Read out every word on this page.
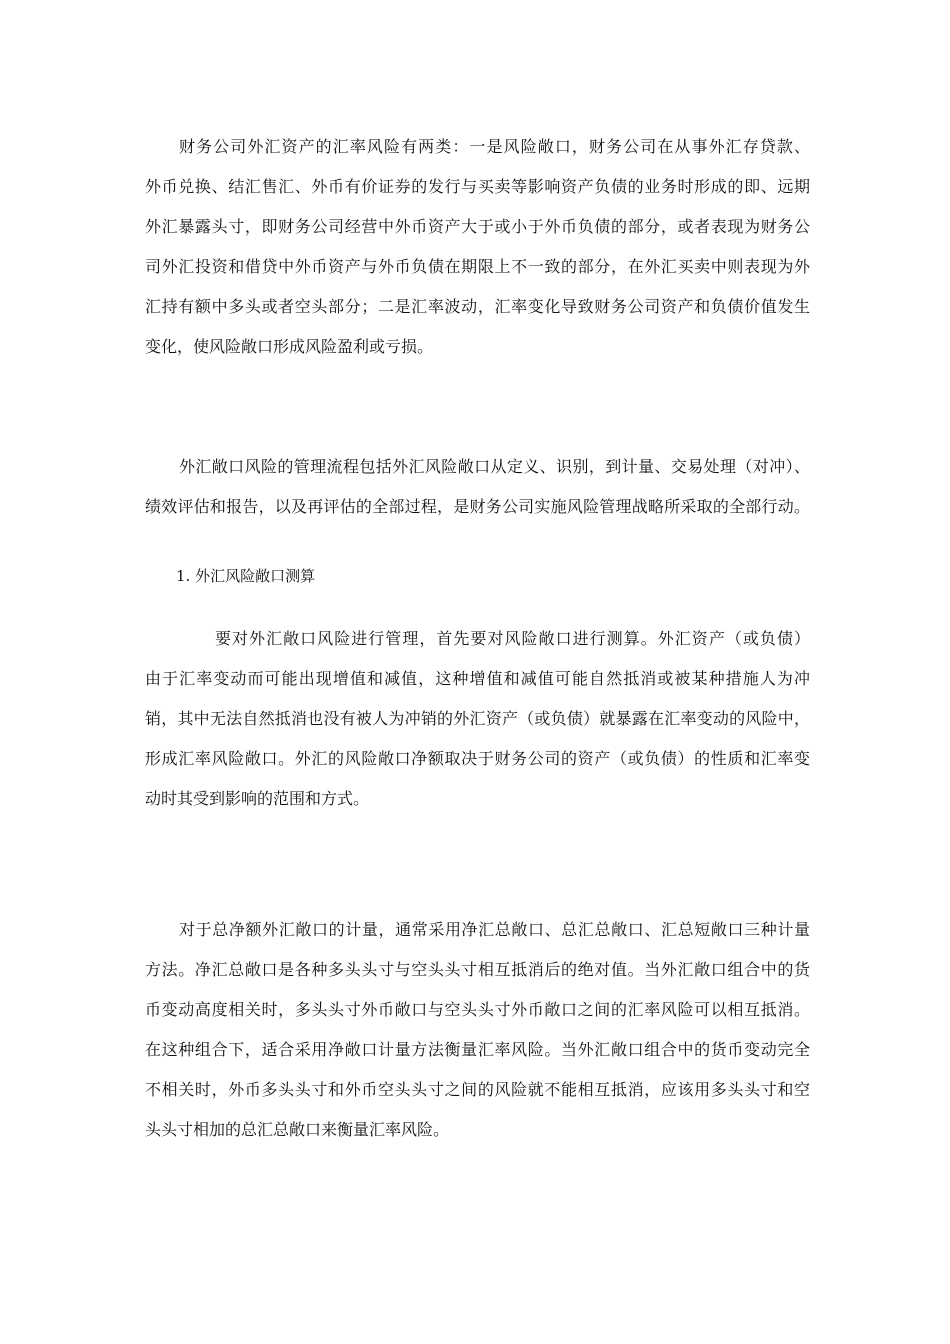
财务公司外汇资产的汇率风险有两类：一是风险敞口，财务公司在从事外汇存贷款、
外币兑换、结汇售汇、外币有价证券的发行与买卖等影响资产负债的业务时形成的即、远期
外汇暴露头寸，即财务公司经营中外币资产大于或小于外币负债的部分，或者表现为财务公
司外汇投资和借贷中外币资产与外币负债在期限上不一致的部分，在外汇买卖中则表现为外
汇持有额中多头或者空头部分；二是汇率波动，汇率变化导致财务公司资产和负债价值发生
变化，使风险敞口形成风险盈利或亏损。
外汇敞口风险的管理流程包括外汇风险敞口从定义、识别，到计量、交易处理（对冲）、
绩效评估和报告，以及再评估的全部过程，是财务公司实施风险管理战略所采取的全部行动。
1. 外汇风险敞口测算
要对外汇敞口风险进行管理，首先要对风险敞口进行测算。外汇资产（或负债）
由于汇率变动而可能出现增值和减值，这种增值和减值可能自然抵消或被某种措施人为冲
销，其中无法自然抵消也没有被人为冲销的外汇资产（或负债）就暴露在汇率变动的风险中，
形成汇率风险敞口。外汇的风险敞口净额取决于财务公司的资产（或负债）的性质和汇率变
动时其受到影响的范围和方式。
对于总净额外汇敞口的计量，通常采用净汇总敞口、总汇总敞口、汇总短敞口三种计量
方法。净汇总敞口是各种多头头寸与空头头寸相互抵消后的绝对值。当外汇敞口组合中的货
币变动高度相关时，多头头寸外币敞口与空头头寸外币敞口之间的汇率风险可以相互抵消。
在这种组合下，适合采用净敞口计量方法衡量汇率风险。当外汇敞口组合中的货币变动完全
不相关时，外币多头头寸和外币空头头寸之间的风险就不能相互抵消，应该用多头头寸和空
头头寸相加的总汇总敞口来衡量汇率风险。
